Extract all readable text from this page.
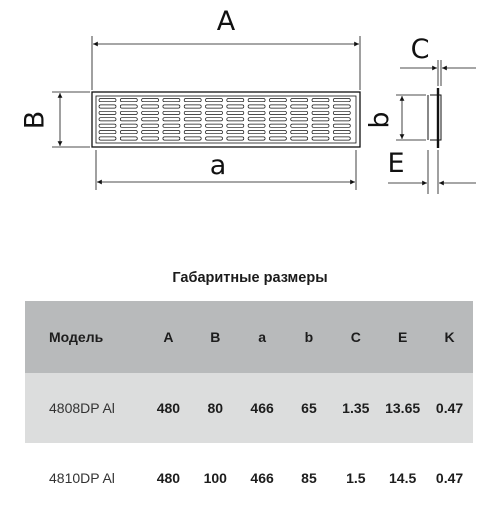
A
a
B
C
b
E
Габаритные размеры
Модель	A	B	a	b	C	E	K
4808DP Al	480	80	466	65	1.35	13.65	0.47
4810DP Al	480	100	466	85	1.5	14.5	0.47
